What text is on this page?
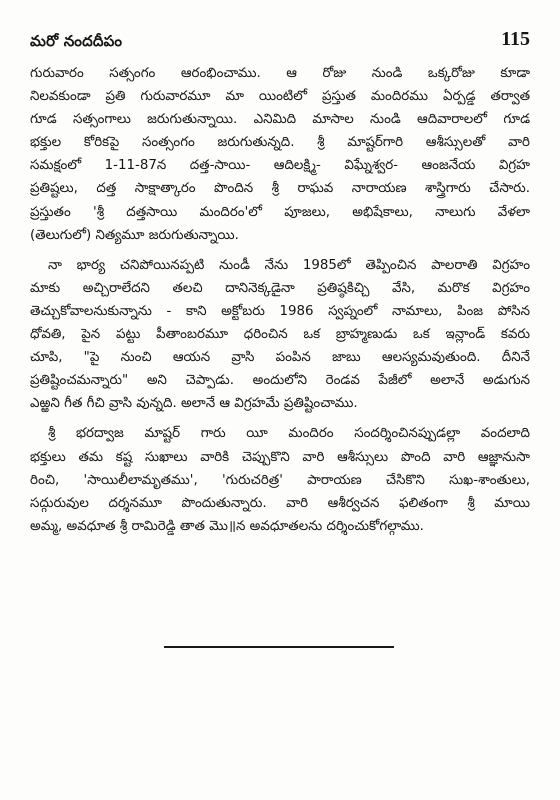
మరో నందదీపం	115
గురువారం సత్సంగం ఆరంభించాము. ఆ రోజు నుండి ఒక్కరోజు కూడా
నిలవకుండా ప్రతి గురువారమూ మా యింటిలో ప్రస్తుత మందిరము ఏర్పడ్డ తర్వాత
గూడ సత్సంగాలు జరుగుతున్నాయి. ఎనిమిది మాసాల నుండి ఆదివారాలలో గూడ
భక్తుల కోరికపై సంత్సంగం జరుగుతున్నది. శ్రీ మాష్టర్‌గారి ఆశీస్సులతో వారి
సమక్షంలో 1-11-87న దత్త-సాయి- ఆదిలక్ష్మి- విఘ్నేశ్వర- ఆంజనేయ విగ్రహ
ప్రతిష్టలు, దత్త సాక్షాత్కారం పొందిన శ్రీ రాఘవ నారాయణ శాస్త్రిగారు చేసారు.
ప్రస్తుతం 'శ్రీ దత్తసాయి మందిరం'లో పూజలు, అభిషేకాలు, నాలుగు వేళలా
(తెలుగులో) నిత్యమూ జరుగుతున్నాయి.
నా భార్య చనిపోయినప్పటి నుండీ నేను 1985లో తెప్పించిన పాలరాతి విగ్రహం
మాకు అచ్చిరాలేదని తలచి దానినెక్కడైనా ప్రతిష్ఠకిచ్చి వేసి, మరొక విగ్రహం
తెచ్చుకోవాలనుకున్నాను - కాని అక్టోబరు 1986 స్వప్నంలో నామాలు, పింజ పోసిన
ధోవతి, పైన పట్టు పీతాంబరమూ ధరించిన ఒక బ్రాహ్మణుడు ఒక ఇన్లాండ్ కవరు
చూపి, "పై నుంచి ఆయన వ్రాసి పంపిన జాబు ఆలస్యమవుతుంది. దీనినే
ప్రతిష్టించమన్నారు" అని చెప్పాడు. అందులోని రెండవ పేజీలో అలానే అడుగున
ఎఱ్ఱని గీత గీచి వ్రాసి వున్నది. అలానే ఆ విగ్రహమే ప్రతిష్టించాము.
శ్రీ భరద్వాజ మాష్టర్ గారు యీ మందిరం సందర్శించినప్పుడల్లా వందలాది
భక్తులు తమ కష్ట సుఖాలు వారికి చెప్పుకొని వారి ఆశీస్సులు పొంది వారి ఆజ్ఞానుసా
రించి, 'సాయిలీలామృతము', 'గురుచరిత్ర' పారాయణ చేసికొని సుఖ-శాంతులు,
సద్గురువుల దర్శనమూ పొందుతున్నారు. వారి ఆశీర్వచన ఫలితంగా శ్రీ మాయి
అమ్మ, అవధూత శ్రీ రామిరెడ్డి తాత మొ॥న అవధూతలను దర్శించుకోగల్గాము.
